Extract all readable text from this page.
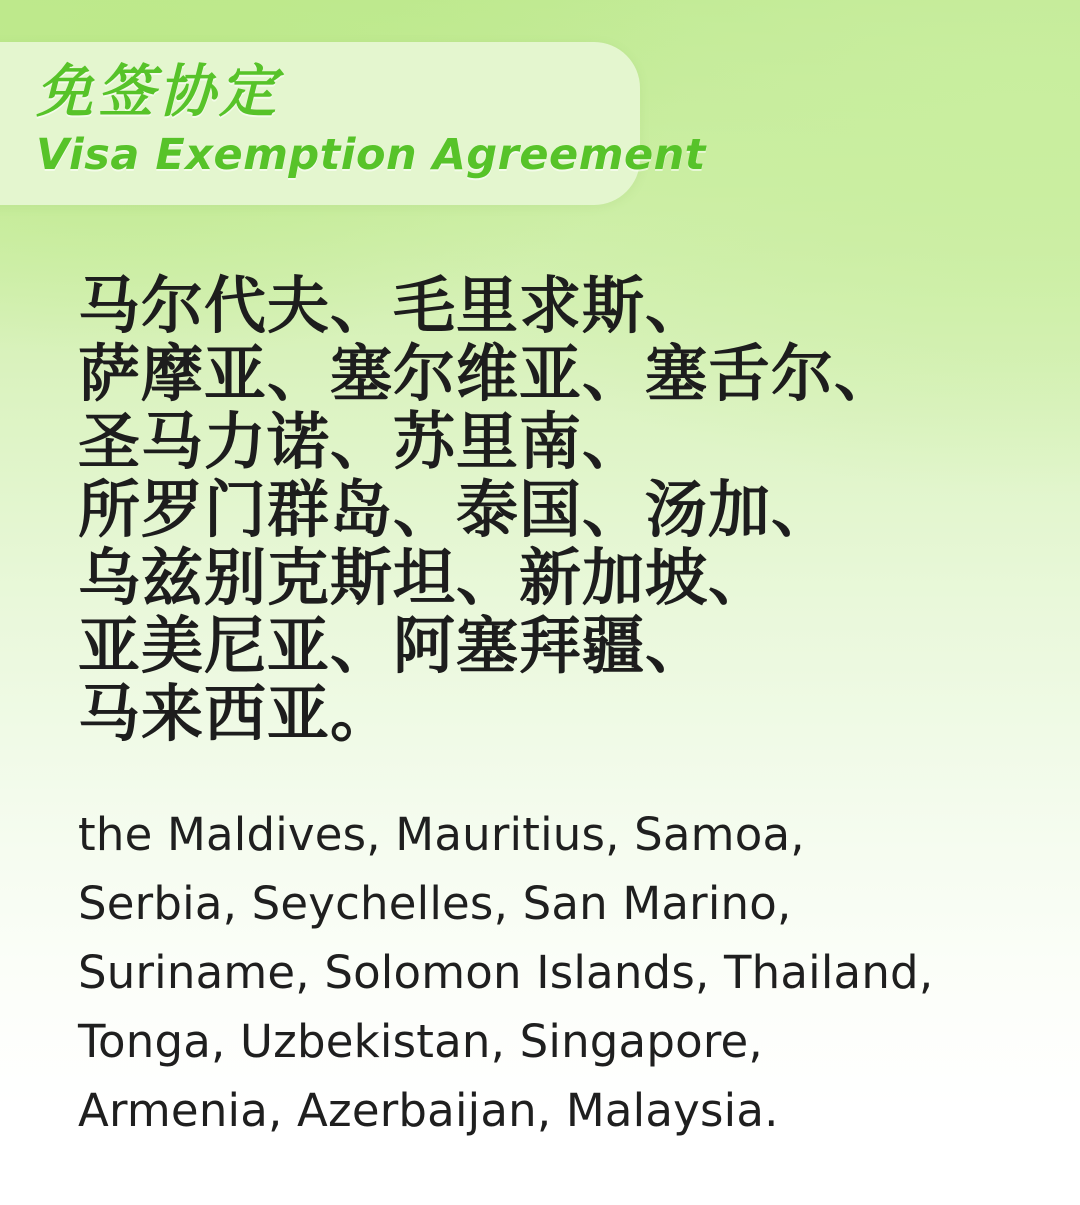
免签协定
Visa Exemption Agreement
马尔代夫、毛里求斯、
萨摩亚、塞尔维亚、塞舌尔、
圣马力诺、苏里南、
所罗门群岛、泰国、汤加、
乌兹别克斯坦、新加坡、
亚美尼亚、阿塞拜疆、
马来西亚。
the Maldives, Mauritius, Samoa,
Serbia, Seychelles, San Marino,
Suriname, Solomon Islands, Thailand,
Tonga, Uzbekistan, Singapore,
Armenia, Azerbaijan, Malaysia.
